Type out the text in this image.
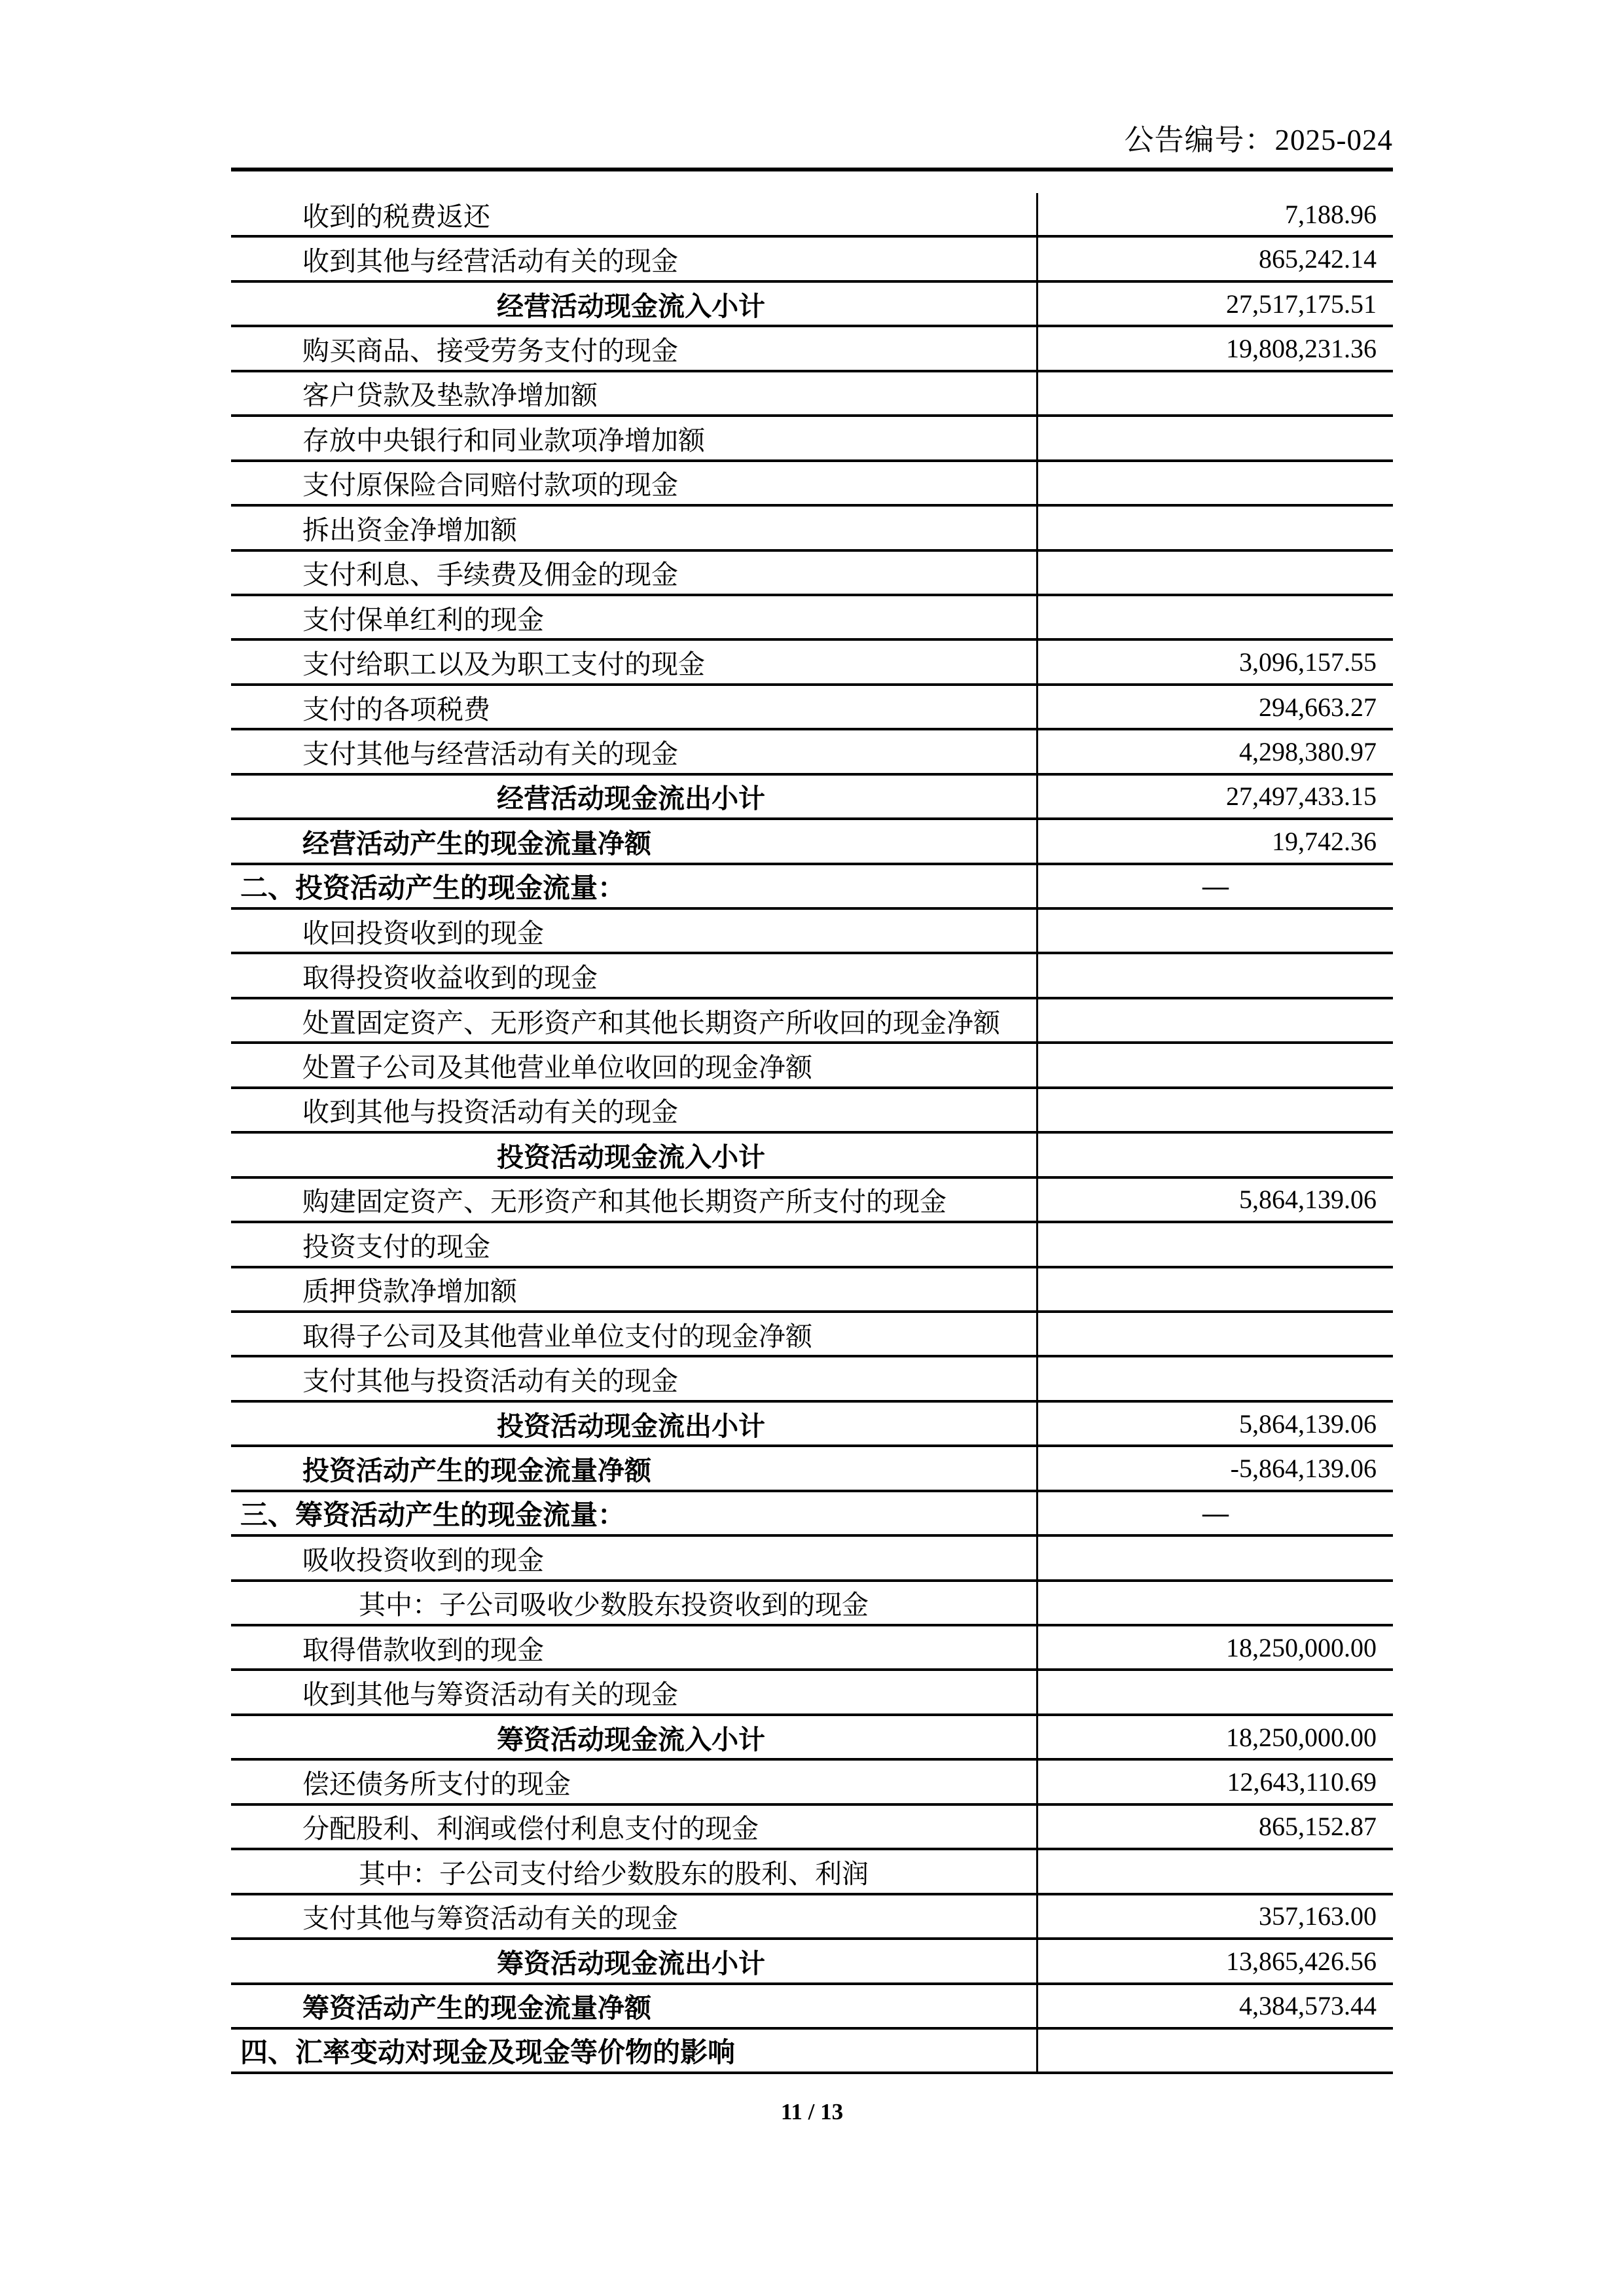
公告编号：2025-024
收到的税费返还	7,188.96
收到其他与经营活动有关的现金	865,242.14
经营活动现金流入小计	27,517,175.51
购买商品、接受劳务支付的现金	19,808,231.36
客户贷款及垫款净增加额
存放中央银行和同业款项净增加额
支付原保险合同赔付款项的现金
拆出资金净增加额
支付利息、手续费及佣金的现金
支付保单红利的现金
支付给职工以及为职工支付的现金	3,096,157.55
支付的各项税费	294,663.27
支付其他与经营活动有关的现金	4,298,380.97
经营活动现金流出小计	27,497,433.15
经营活动产生的现金流量净额	19,742.36
二、投资活动产生的现金流量：	—
收回投资收到的现金
取得投资收益收到的现金
处置固定资产、无形资产和其他长期资产所收回的现金净额
处置子公司及其他营业单位收回的现金净额
收到其他与投资活动有关的现金
投资活动现金流入小计
购建固定资产、无形资产和其他长期资产所支付的现金	5,864,139.06
投资支付的现金
质押贷款净增加额
取得子公司及其他营业单位支付的现金净额
支付其他与投资活动有关的现金
投资活动现金流出小计	5,864,139.06
投资活动产生的现金流量净额	-5,864,139.06
三、筹资活动产生的现金流量：	—
吸收投资收到的现金
其中：子公司吸收少数股东投资收到的现金
取得借款收到的现金	18,250,000.00
收到其他与筹资活动有关的现金
筹资活动现金流入小计	18,250,000.00
偿还债务所支付的现金	12,643,110.69
分配股利、利润或偿付利息支付的现金	865,152.87
其中：子公司支付给少数股东的股利、利润
支付其他与筹资活动有关的现金	357,163.00
筹资活动现金流出小计	13,865,426.56
筹资活动产生的现金流量净额	4,384,573.44
四、汇率变动对现金及现金等价物的影响
11 / 13
